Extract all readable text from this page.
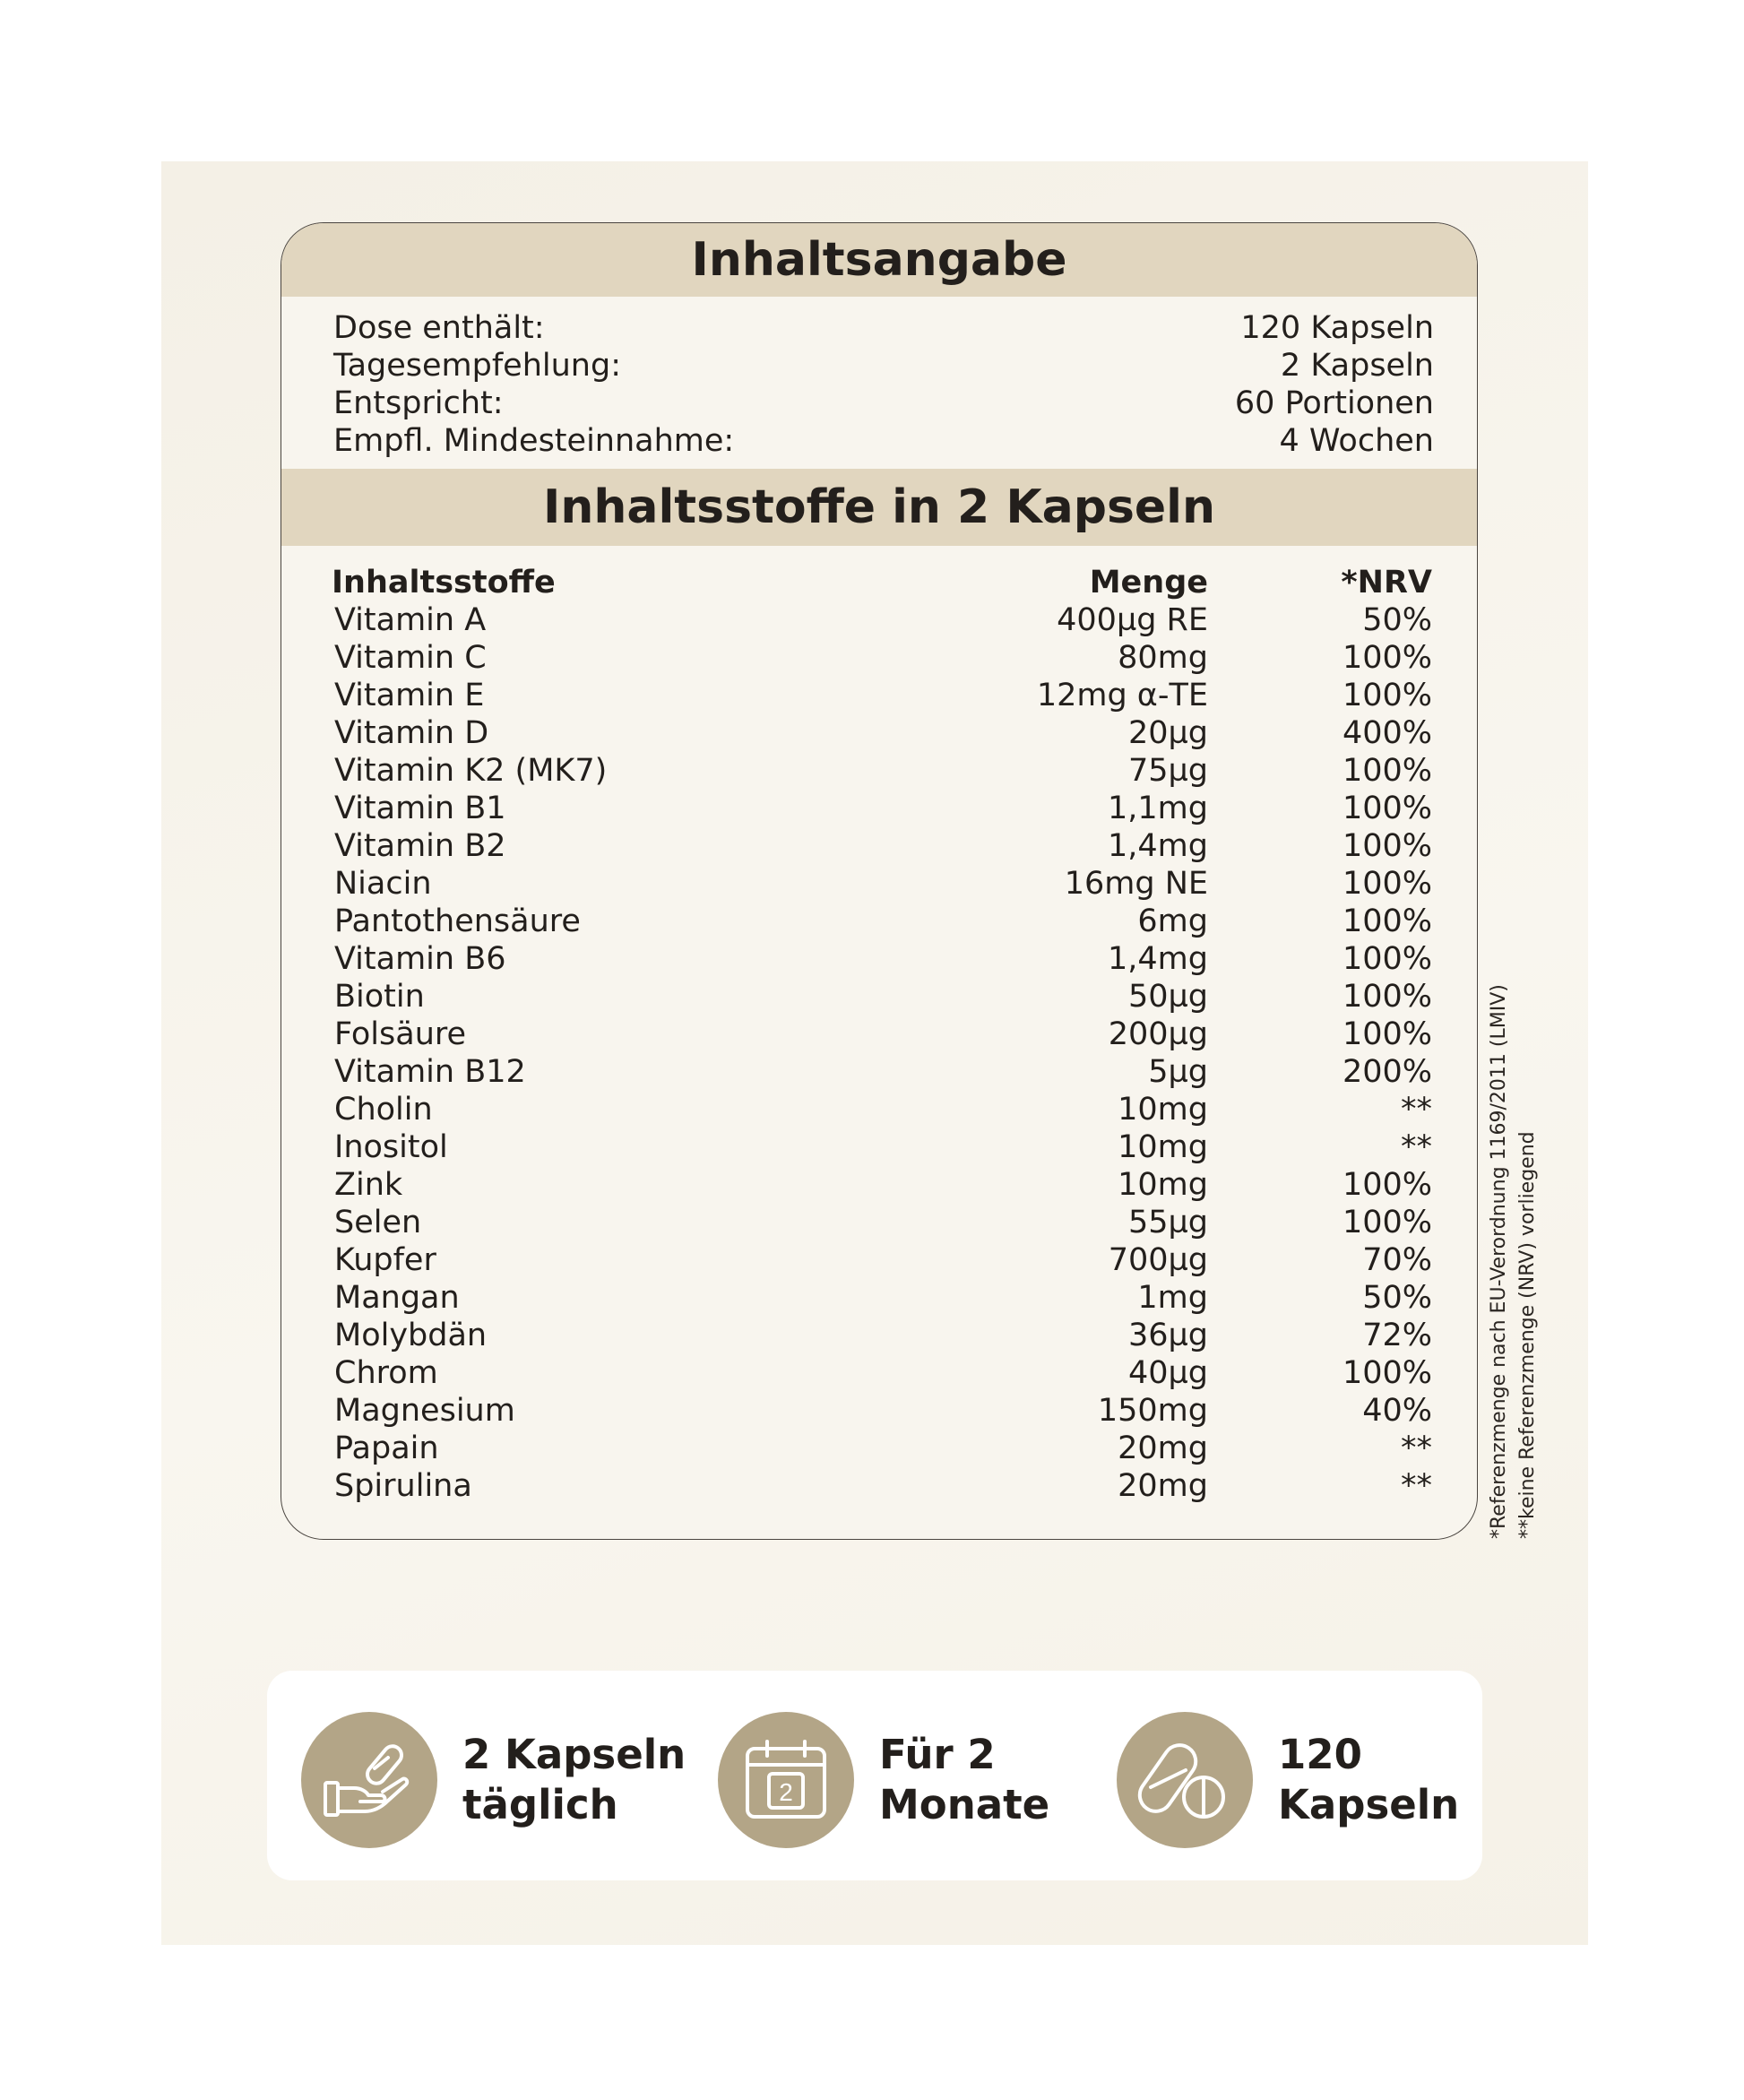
Inhaltsangabe
Dose enthält:	120 Kapseln
Tagesempfehlung:	2 Kapseln
Entspricht:	60 Portionen
Empfl. Mindesteinnahme:	4 Wochen
Inhaltsstoffe in 2 Kapseln
Inhaltsstoffe	Menge	*NRV
Vitamin A	400µg RE	50%
Vitamin C	80mg	100%
Vitamin E	12mg α-TE	100%
Vitamin D	20µg	400%
Vitamin K2 (MK7)	75µg	100%
Vitamin B1	1,1mg	100%
Vitamin B2	1,4mg	100%
Niacin	16mg NE	100%
Pantothensäure	6mg	100%
Vitamin B6	1,4mg	100%
Biotin	50µg	100%
Folsäure	200µg	100%
Vitamin B12	5µg	200%
Cholin	10mg	**
Inositol	10mg	**
Zink	10mg	100%
Selen	55µg	100%
Kupfer	700µg	70%
Mangan	1mg	50%
Molybdän	36µg	72%
Chrom	40µg	100%
Magnesium	150mg	40%
Papain	20mg	**
Spirulina	20mg	**	*Referenzmenge nach EU-Verordnung 1169/2011 (LMIV) **keine Referenzmenge (NRV) vorliegend
2 Kapseln
täglich	2
Für 2
Monate
120
Kapseln
